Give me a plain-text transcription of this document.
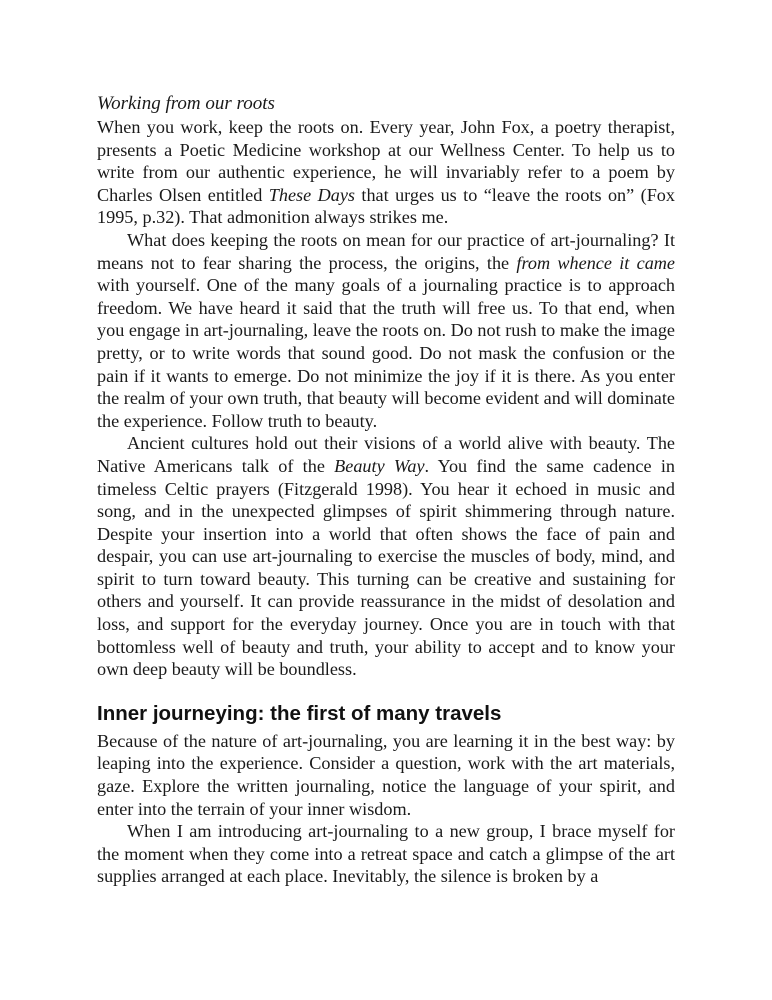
Working from our roots

When you work, keep the roots on. Every year, John Fox, a poetry therapist, presents a Poetic Medicine workshop at our Wellness Center. To help us to write from our authentic experience, he will invariably refer to a poem by Charles Olsen entitled These Days that urges us to “leave the roots on” (Fox 1995, p.32). That admonition always strikes me.

What does keeping the roots on mean for our practice of art-journaling? It means not to fear sharing the process, the origins, the from whence it came with yourself. One of the many goals of a journaling practice is to approach freedom. We have heard it said that the truth will free us. To that end, when you engage in art-journaling, leave the roots on. Do not rush to make the image pretty, or to write words that sound good. Do not mask the confusion or the pain if it wants to emerge. Do not minimize the joy if it is there. As you enter the realm of your own truth, that beauty will become evident and will dominate the experience. Follow truth to beauty.

Ancient cultures hold out their visions of a world alive with beauty. The Native Americans talk of the Beauty Way. You find the same cadence in timeless Celtic prayers (Fitzgerald 1998). You hear it echoed in music and song, and in the unexpected glimpses of spirit shimmering through nature. Despite your insertion into a world that often shows the face of pain and despair, you can use art-journaling to exercise the muscles of body, mind, and spirit to turn toward beauty. This turning can be creative and sustaining for others and yourself. It can provide reassurance in the midst of desolation and loss, and support for the everyday journey. Once you are in touch with that bottomless well of beauty and truth, your ability to accept and to know your own deep beauty will be boundless.

Inner journeying: the first of many travels

Because of the nature of art-journaling, you are learning it in the best way: by leaping into the experience. Consider a question, work with the art materials, gaze. Explore the written journaling, notice the language of your spirit, and enter into the terrain of your inner wisdom.

When I am introducing art-journaling to a new group, I brace myself for the moment when they come into a retreat space and catch a glimpse of the art supplies arranged at each place. Inevitably, the silence is broken by a
